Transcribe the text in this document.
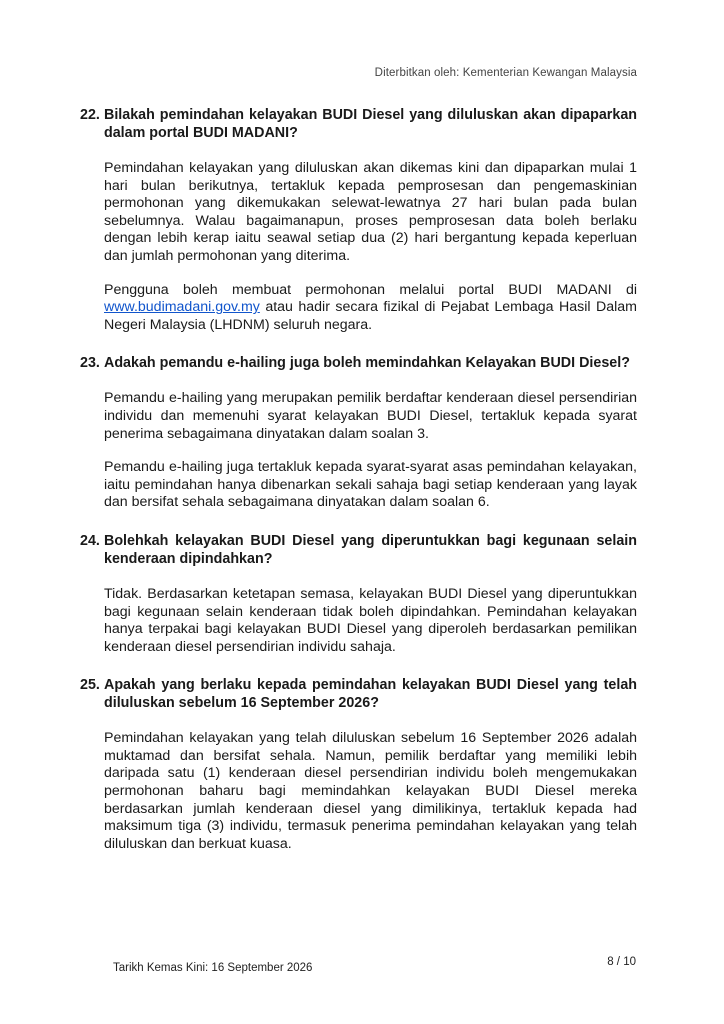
Diterbitkan oleh: Kementerian Kewangan Malaysia
22. Bilakah pemindahan kelayakan BUDI Diesel yang diluluskan akan dipaparkan dalam portal BUDI MADANI?

Pemindahan kelayakan yang diluluskan akan dikemas kini dan dipaparkan mulai 1 hari bulan berikutnya, tertakluk kepada pemprosesan dan pengemaskinian permohonan yang dikemukakan selewat-lewatnya 27 hari bulan pada bulan sebelumnya. Walau bagaimanapun, proses pemprosesan data boleh berlaku dengan lebih kerap iaitu seawal setiap dua (2) hari bergantung kepada keperluan dan jumlah permohonan yang diterima.

Pengguna boleh membuat permohonan melalui portal BUDI MADANI di www.budimadani.gov.my atau hadir secara fizikal di Pejabat Lembaga Hasil Dalam Negeri Malaysia (LHDNM) seluruh negara.

23. Adakah pemandu e-hailing juga boleh memindahkan Kelayakan BUDI Diesel?

Pemandu e-hailing yang merupakan pemilik berdaftar kenderaan diesel persendirian individu dan memenuhi syarat kelayakan BUDI Diesel, tertakluk kepada syarat penerima sebagaimana dinyatakan dalam soalan 3.

Pemandu e-hailing juga tertakluk kepada syarat-syarat asas pemindahan kelayakan, iaitu pemindahan hanya dibenarkan sekali sahaja bagi setiap kenderaan yang layak dan bersifat sehala sebagaimana dinyatakan dalam soalan 6.

24. Bolehkah kelayakan BUDI Diesel yang diperuntukkan bagi kegunaan selain kenderaan dipindahkan?

Tidak. Berdasarkan ketetapan semasa, kelayakan BUDI Diesel yang diperuntukkan bagi kegunaan selain kenderaan tidak boleh dipindahkan. Pemindahan kelayakan hanya terpakai bagi kelayakan BUDI Diesel yang diperoleh berdasarkan pemilikan kenderaan diesel persendirian individu sahaja.

25. Apakah yang berlaku kepada pemindahan kelayakan BUDI Diesel yang telah diluluskan sebelum 16 September 2026?

Pemindahan kelayakan yang telah diluluskan sebelum 16 September 2026 adalah muktamad dan bersifat sehala. Namun, pemilik berdaftar yang memiliki lebih daripada satu (1) kenderaan diesel persendirian individu boleh mengemukakan permohonan baharu bagi memindahkan kelayakan BUDI Diesel mereka berdasarkan jumlah kenderaan diesel yang dimilikinya, tertakluk kepada had maksimum tiga (3) individu, termasuk penerima pemindahan kelayakan yang telah diluluskan dan berkuat kuasa.

Tarikh Kemas Kini: 16 September 2026	8 / 10
